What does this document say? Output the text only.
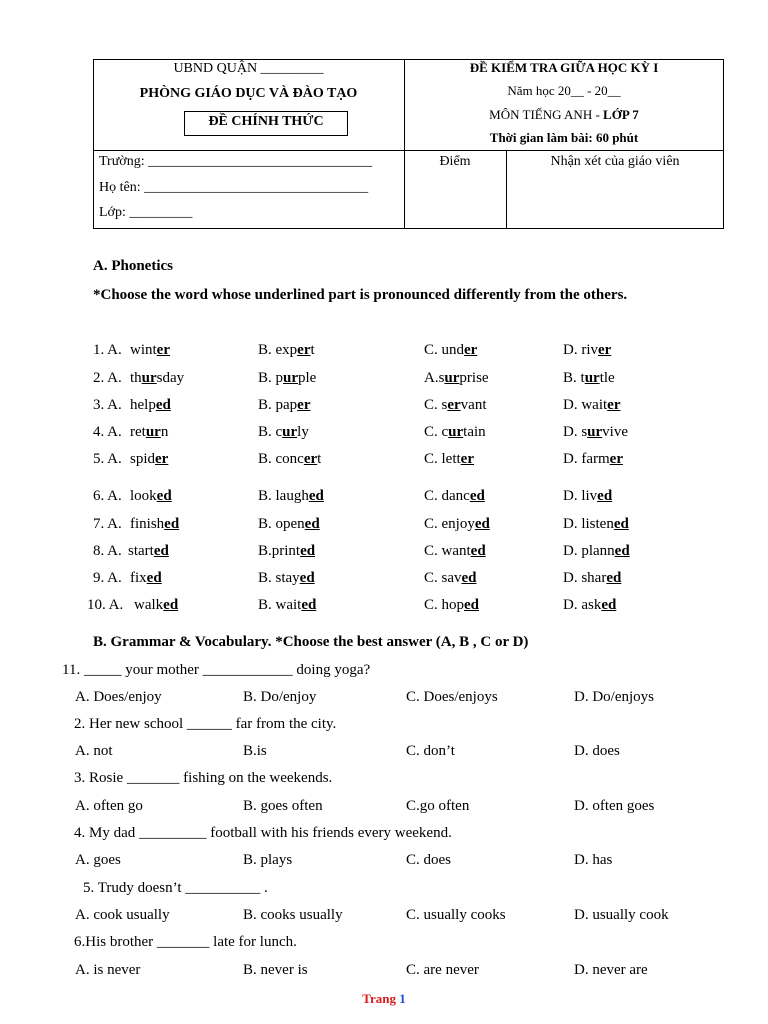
UBND QUẬN _________
PHÒNG GIÁO DỤC VÀ ĐÀO TẠO
ĐỀ CHÍNH THỨC
ĐỀ KIỂM TRA GIỮA HỌC KỲ I
Năm học 20__ - 20__
MÔN TIẾNG ANH - LỚP 7
Thời gian làm bài: 60 phút
Trường: ________________________________
Họ tên: ________________________________
Lớp: _________
Điểm	Nhận xét của giáo viên
A. Phonetics
*Choose the word whose underlined part is pronounced differently from the others.
1. A. winter	B. expert	C. under	D. river
2. A. thursday	B. purple	A.surprise	B. turtle
3. A. helped	B. paper	C. servant	D. waiter
4. A. return	B. curly	C. curtain	D. survive
5. A. spider	B. concert	C. letter	D. farmer
6. A. looked	B. laughed	C. danced	D. lived
7. A. finished	B. opened	C. enjoyed	D. listened
8. A. started	B.printed	C. wanted	D. planned
9. A. fixed	B. stayed	C. saved	D. shared
10. A. walked	B. waited	C. hoped	D. asked
B. Grammar & Vocabulary. *Choose the best answer (A, B , C or D)
11. _____ your mother ____________ doing yoga?
A. Does/enjoy	B. Do/enjoy	C. Does/enjoys	D. Do/enjoys
2. Her new school ______ far from the city.
A. not	B.is	C. don’t	D. does
3. Rosie _______ fishing on the weekends.
A. often go	B. goes often	C.go often	D. often goes
4. My dad _________ football with his friends every weekend.
A. goes	B. plays	C. does	D. has
5. Trudy doesn’t __________ .
A. cook usually	B. cooks usually	C. usually cooks	D. usually cook
6.His brother _______ late for lunch.
A. is never	B. never is	C. are never	D. never are
Trang 1
